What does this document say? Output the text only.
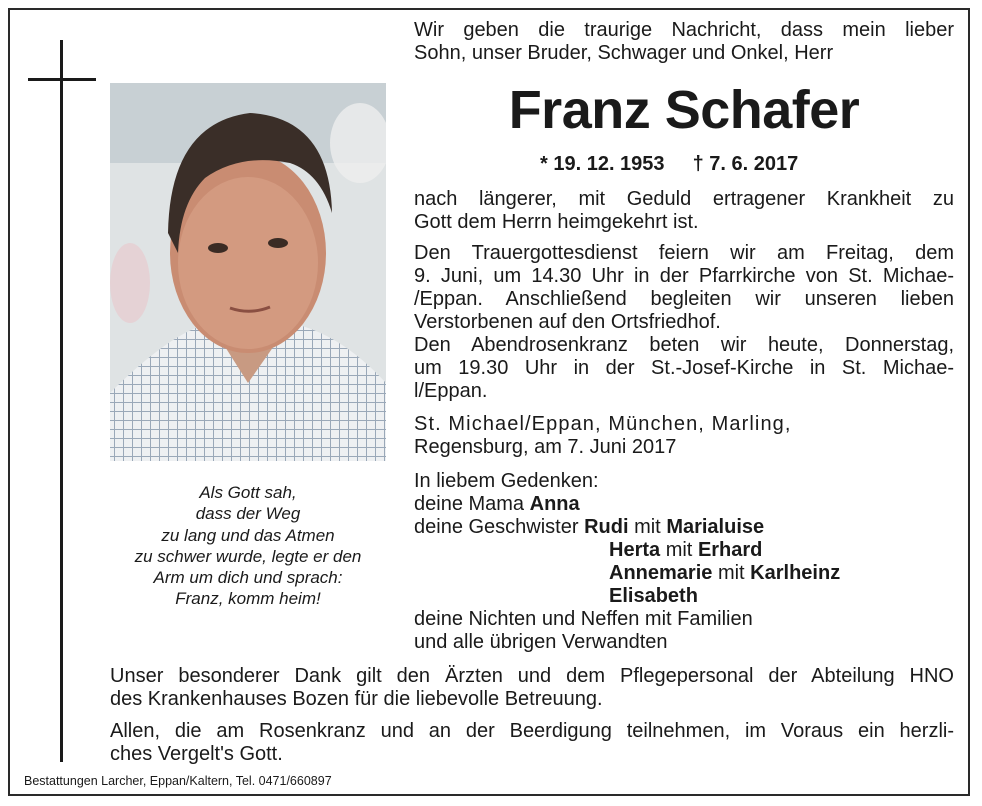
Als Gott sah,
dass der Weg
zu lang und das Atmen
zu schwer wurde, legte er den
Arm um dich und sprach:
Franz, komm heim!
Wir geben die traurige Nachricht, dass mein lieber
Sohn, unser Bruder, Schwager und Onkel, Herr
Franz Schafer
* 19. 12. 1953 † 7. 6. 2017
nach längerer, mit Geduld ertragener Krankheit zu
Gott dem Herrn heimgekehrt ist.
Den Trauergottesdienst feiern wir am Freitag, dem
9. Juni, um 14.30 Uhr in der Pfarrkirche von St. Michae-
/Eppan. Anschließend begleiten wir unseren lieben
Verstorbenen auf den Ortsfriedhof.
Den Abendrosenkranz beten wir heute, Donnerstag,
um 19.30 Uhr in der St.-Josef-Kirche in St. Michae-
l/Eppan.
St. Michael/Eppan, München, Marling,
Regensburg, am 7. Juni 2017
In liebem Gedenken:
deine Mama Anna
deine Geschwister Rudi mit Marialuise
Herta mit Erhard
Annemarie mit Karlheinz
Elisabeth
deine Nichten und Neffen mit Familien
und alle übrigen Verwandten
Unser besonderer Dank gilt den Ärzten und dem Pflegepersonal der Abteilung HNO
des Krankenhauses Bozen für die liebevolle Betreuung.
Allen, die am Rosenkranz und an der Beerdigung teilnehmen, im Voraus ein herzli-
ches Vergelt's Gott.
Bestattungen Larcher, Eppan/Kaltern, Tel. 0471/660897
